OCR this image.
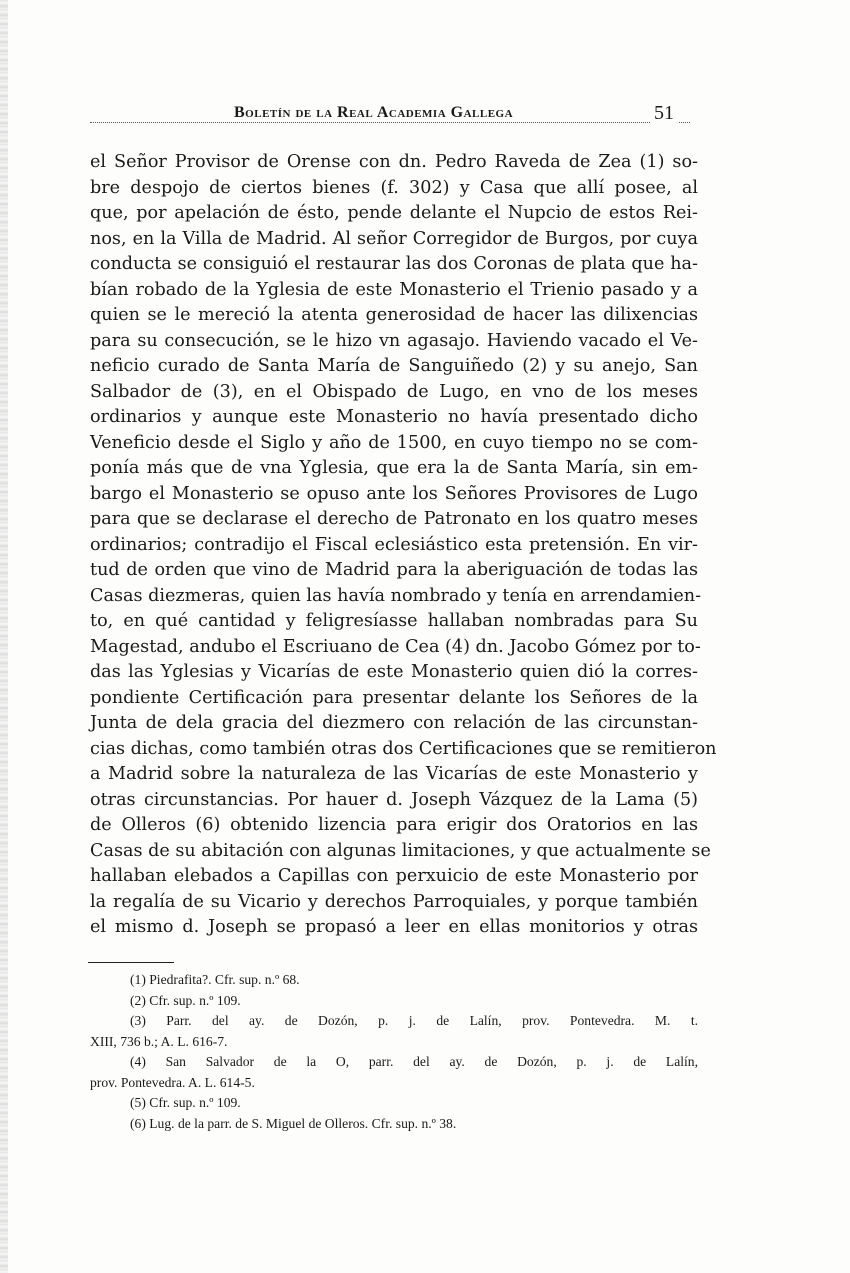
Boletín de la Real Academia Gallega	51
el Señor Provisor de Orense con dn. Pedro Raveda de Zea (1) so-
bre despojo de ciertos bienes (f. 302) y Casa que allí posee, al
que, por apelación de ésto, pende delante el Nupcio de estos Rei-
nos, en la Villa de Madrid. Al señor Corregidor de Burgos, por cuya
conducta se consiguió el restaurar las dos Coronas de plata que ha-
bían robado de la Yglesia de este Monasterio el Trienio pasado y a
quien se le mereció la atenta generosidad de hacer las dilixencias
para su consecución, se le hizo vn agasajo. Haviendo vacado el Ve-
neficio curado de Santa María de Sanguiñedo (2) y su anejo, San
Salbador de (3), en el Obispado de Lugo, en vno de los meses
ordinarios y aunque este Monasterio no havía presentado dicho
Veneficio desde el Siglo y año de 1500, en cuyo tiempo no se com-
ponía más que de vna Yglesia, que era la de Santa María, sin em-
bargo el Monasterio se opuso ante los Señores Provisores de Lugo
para que se declarase el derecho de Patronato en los quatro meses
ordinarios; contradijo el Fiscal eclesiástico esta pretensión. En vir-
tud de orden que vino de Madrid para la aberiguación de todas las
Casas diezmeras, quien las havía nombrado y tenía en arrendamien-
to, en qué cantidad y feligresíasse hallaban nombradas para Su
Magestad, andubo el Escriuano de Cea (4) dn. Jacobo Gómez por to-
das las Yglesias y Vicarías de este Monasterio quien dió la corres-
pondiente Certificación para presentar delante los Señores de la
Junta de dela gracia del diezmero con relación de las circunstan-
cias dichas, como también otras dos Certificaciones que se remitieron
a Madrid sobre la naturaleza de las Vicarías de este Monasterio y
otras circunstancias. Por hauer d. Joseph Vázquez de la Lama (5)
de Olleros (6) obtenido lizencia para erigir dos Oratorios en las
Casas de su abitación con algunas limitaciones, y que actualmente se
hallaban elebados a Capillas con perxuicio de este Monasterio por
la regalía de su Vicario y derechos Parroquiales, y porque también
el mismo d. Joseph se propasó a leer en ellas monitorios y otras
(1) Piedrafita?. Cfr. sup. n.º 68.
(2) Cfr. sup. n.º 109.
(3) Parr. del ay. de Dozón, p. j. de Lalín, prov. Pontevedra. M. t.
XIII, 736 b.; A. L. 616-7.
(4) San Salvador de la O, parr. del ay. de Dozón, p. j. de Lalín,
prov. Pontevedra. A. L. 614-5.
(5) Cfr. sup. n.º 109.
(6) Lug. de la parr. de S. Miguel de Olleros. Cfr. sup. n.º 38.
